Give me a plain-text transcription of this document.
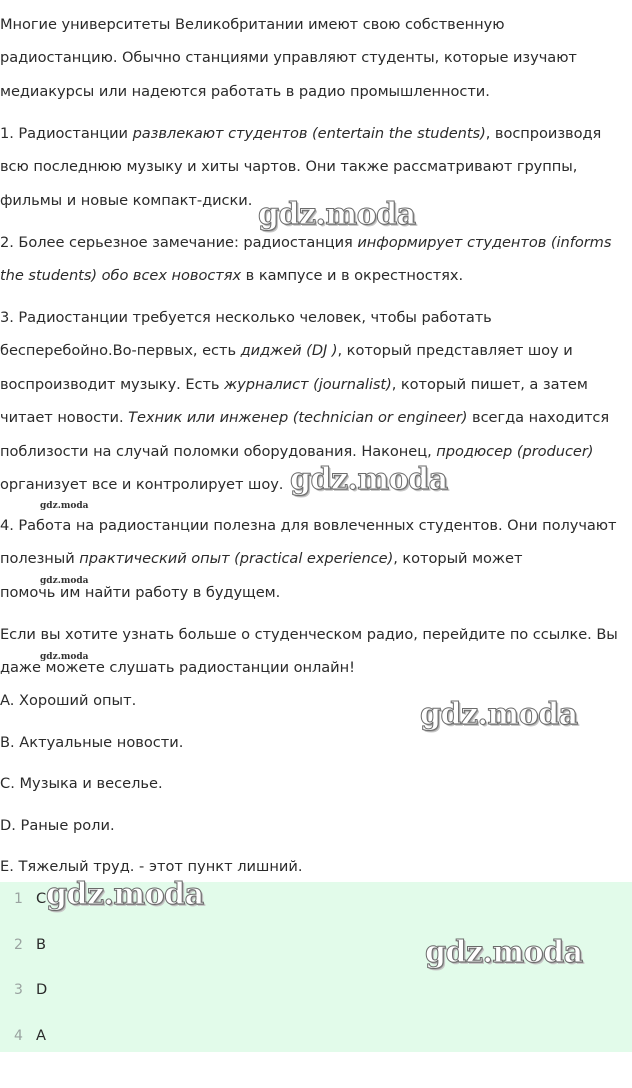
Многие университеты Великобритании имеют свою собственную
радиостанцию. Обычно станциями управляют студенты, которые изучают
медиакурсы или надеются работать в радио промышленности.
1. Радиостанции развлекают студентов (entertain the students), воспроизводя
всю последнюю музыку и хиты чартов. Они также рассматривают группы,
фильмы и новые компакт-диски.
2. Более серьезное замечание: радиостанция информирует студентов (informs
the students) обо всех новостях в кампусе и в окрестностях.
3. Радиостанции требуется несколько человек, чтобы работать
бесперебойно.Во-первых, есть диджей (DJ ), который представляет шоу и
воспроизводит музыку. Есть журналист (journalist), который пишет, а затем
читает новости. Техник или инженер (technician or engineer) всегда находится
поблизости на случай поломки оборудования. Наконец, продюсер (producer)
организует все и контролирует шоу.
4. Работа на радиостанции полезна для вовлеченных студентов. Они получают
полезный практический опыт (practical experience), который может
помочь им найти работу в будущем.
Если вы хотите узнать больше о студенческом радио, перейдите по ссылке. Вы
даже можете слушать радиостанции онлайн!
A. Хороший опыт.
B. Актуальные новости.
C. Музыка и веселье.
D. Раные роли.
E. Тяжелый труд. - этот пункт лишний.
1 C
2 B
3 D
4 A
gdz.moda
gdz.moda
gdz.moda
gdz.moda
gdz.moda
gdz.moda
gdz.moda
gdz.moda
